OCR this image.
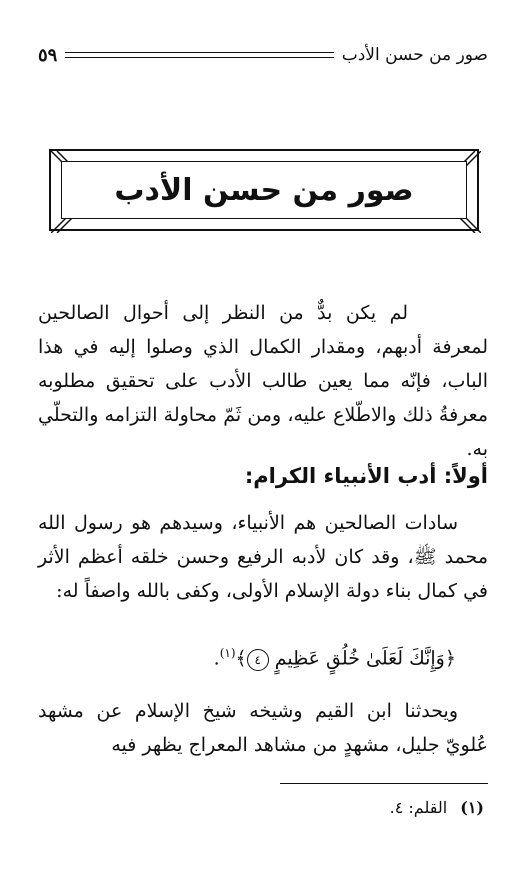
صور من حسن الأدب
٥٩
صور من حسن الأدب

لم يكن بدٌّ من النظر إلى أحوال الصالحين لمعرفة أدبهم، ومقدار الكمال الذي وصلوا إليه في هذا الباب، فإنّه مما يعين طالب الأدب على تحقيق مطلوبه معرفةُ ذلك والاطّلاع عليه، ومن ثَمّ محاولة التزامه والتحلّي به.

أولاً: أدب الأنبياء الكرام:

سادات الصالحين هم الأنبياء، وسيدهم هو رسول الله محمد ﷺ، وقد كان لأدبه الرفيع وحسن خلقه أعظم الأثر في كمال بناء دولة الإسلام الأولى، وكفى بالله واصفاً له:

﴿وَإِنَّكَ لَعَلَىٰ خُلُقٍ عَظِيمٍ ٤﴾$^{(١)}$.

ويحدثنا ابن القيم وشيخه شيخ الإسلام عن مشهد عُلويّ جليل، مشهدٍ من مشاهد المعراج يظهر فيه

(١) القلم: ٤.
